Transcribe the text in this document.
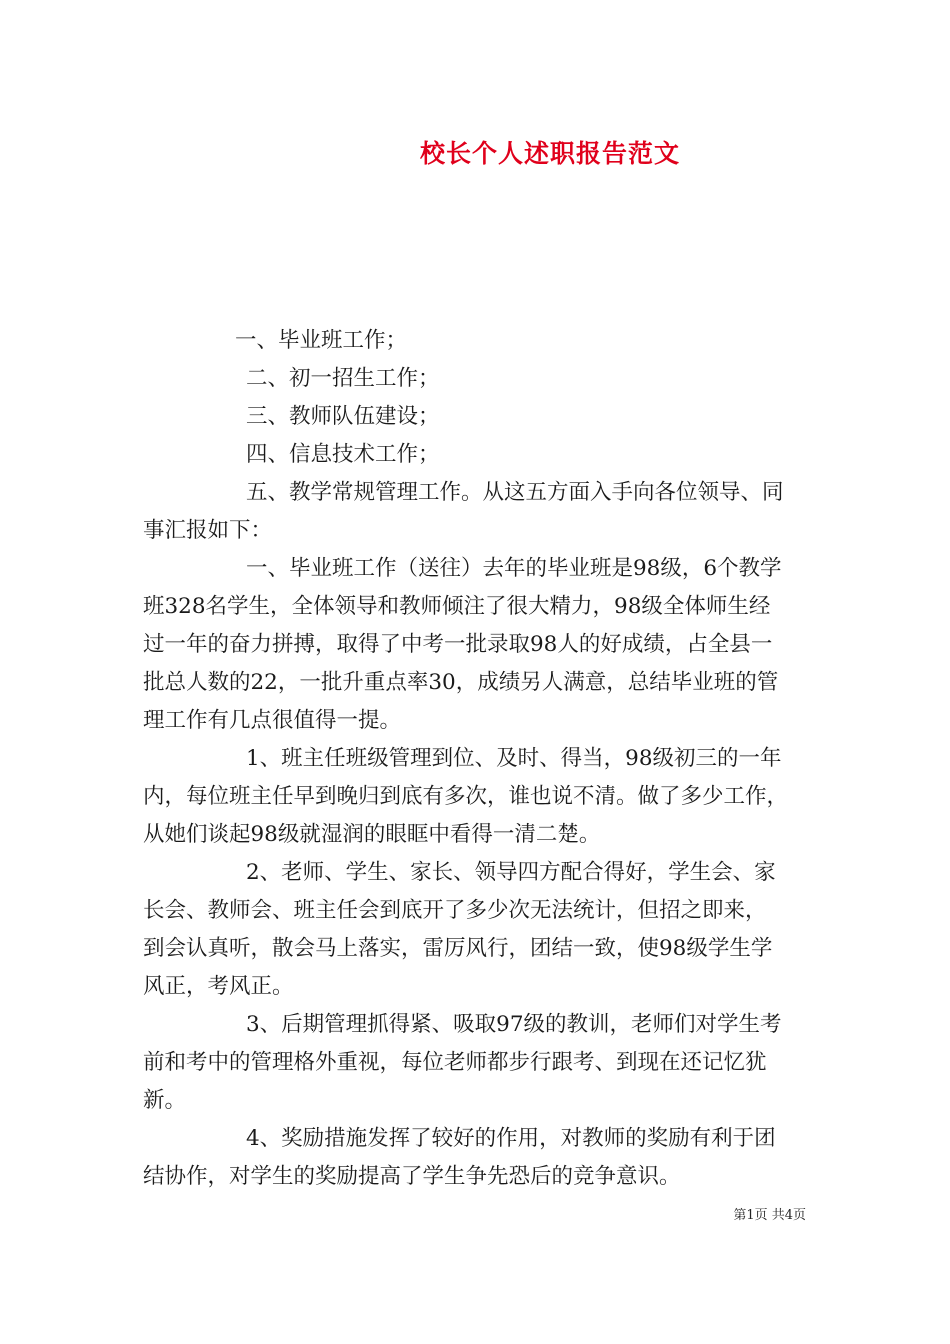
校长个人述职报告范文
一、毕业班工作；
二、初一招生工作；
三、教师队伍建设；
四、信息技术工作；
五、教学常规管理工作。从这五方面入手向各位领导、同
事汇报如下：
一、毕业班工作（送往）去年的毕业班是98级，6个教学
班328名学生，全体领导和教师倾注了很大精力，98级全体师生经
过一年的奋力拼搏，取得了中考一批录取98人的好成绩，占全县一
批总人数的22，一批升重点率30，成绩另人满意，总结毕业班的管
理工作有几点很值得一提。
1、班主任班级管理到位、及时、得当，98级初三的一年
内，每位班主任早到晚归到底有多次，谁也说不清。做了多少工作，
从她们谈起98级就湿润的眼眶中看得一清二楚。
2、老师、学生、家长、领导四方配合得好，学生会、家
长会、教师会、班主任会到底开了多少次无法统计，但招之即来，
到会认真听，散会马上落实，雷厉风行，团结一致，使98级学生学
风正，考风正。
3、后期管理抓得紧、吸取97级的教训，老师们对学生考
前和考中的管理格外重视，每位老师都步行跟考、到现在还记忆犹
新。
4、奖励措施发挥了较好的作用，对教师的奖励有利于团
结协作，对学生的奖励提高了学生争先恐后的竞争意识。
第1页 共4页
